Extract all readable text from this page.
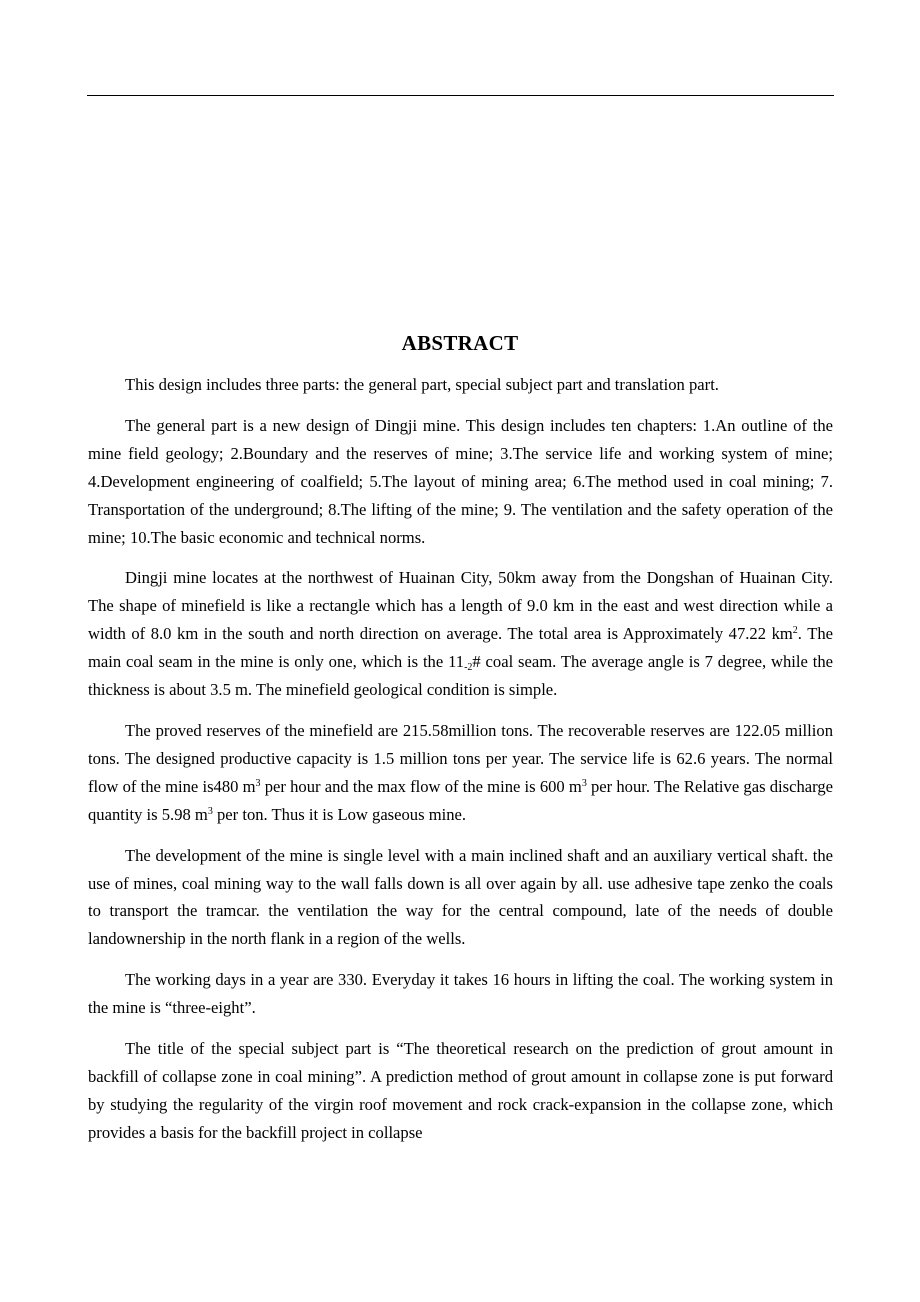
ABSTRACT

This design includes three parts: the general part, special subject part and translation part.

The general part is a new design of Dingji mine. This design includes ten chapters: 1.An outline of the mine field geology; 2.Boundary and the reserves of mine; 3.The service life and working system of mine; 4.Development engineering of coalfield; 5.The layout of mining area; 6.The method used in coal mining; 7. Transportation of the underground; 8.The lifting of the mine; 9. The ventilation and the safety operation of the mine; 10.The basic economic and technical norms.

Dingji mine locates at the northwest of Huainan City, 50km away from the Dongshan of Huainan City. The shape of minefield is like a rectangle which has a length of 9.0 km in the east and west direction while a width of 8.0 km in the south and north direction on average. The total area is Approximately 47.22 $km^2$. The main coal seam in the mine is only one, which is the $11_{-2}\#$ coal seam. The average angle is 7 degree, while the thickness is about 3.5 m. The minefield geological condition is simple.

The proved reserves of the minefield are 215.58million tons. The recoverable reserves are 122.05 million tons. The designed productive capacity is 1.5 million tons per year. The service life is 62.6 years. The normal flow of the mine is480 $m^3$ per hour and the max flow of the mine is 600 $m^3$ per hour. The Relative gas discharge quantity is 5.98 $m^3$ per ton. Thus it is Low gaseous mine.

The development of the mine is single level with a main inclined shaft and an auxiliary vertical shaft. the use of mines, coal mining way to the wall falls down is all over again by all. use adhesive tape zenko the coals to transport the tramcar. the ventilation the way for the central compound, late of the needs of double landownership in the north flank in a region of the wells.

The working days in a year are 330. Everyday it takes 16 hours in lifting the coal. The working system in the mine is “three-eight”.

The title of the special subject part is “The theoretical research on the prediction of grout amount in backfill of collapse zone in coal mining”. A prediction method of grout amount in collapse zone is put forward by studying the regularity of the virgin roof movement and rock crack-expansion in the collapse zone, which provides a basis for the backfill project in collapse
